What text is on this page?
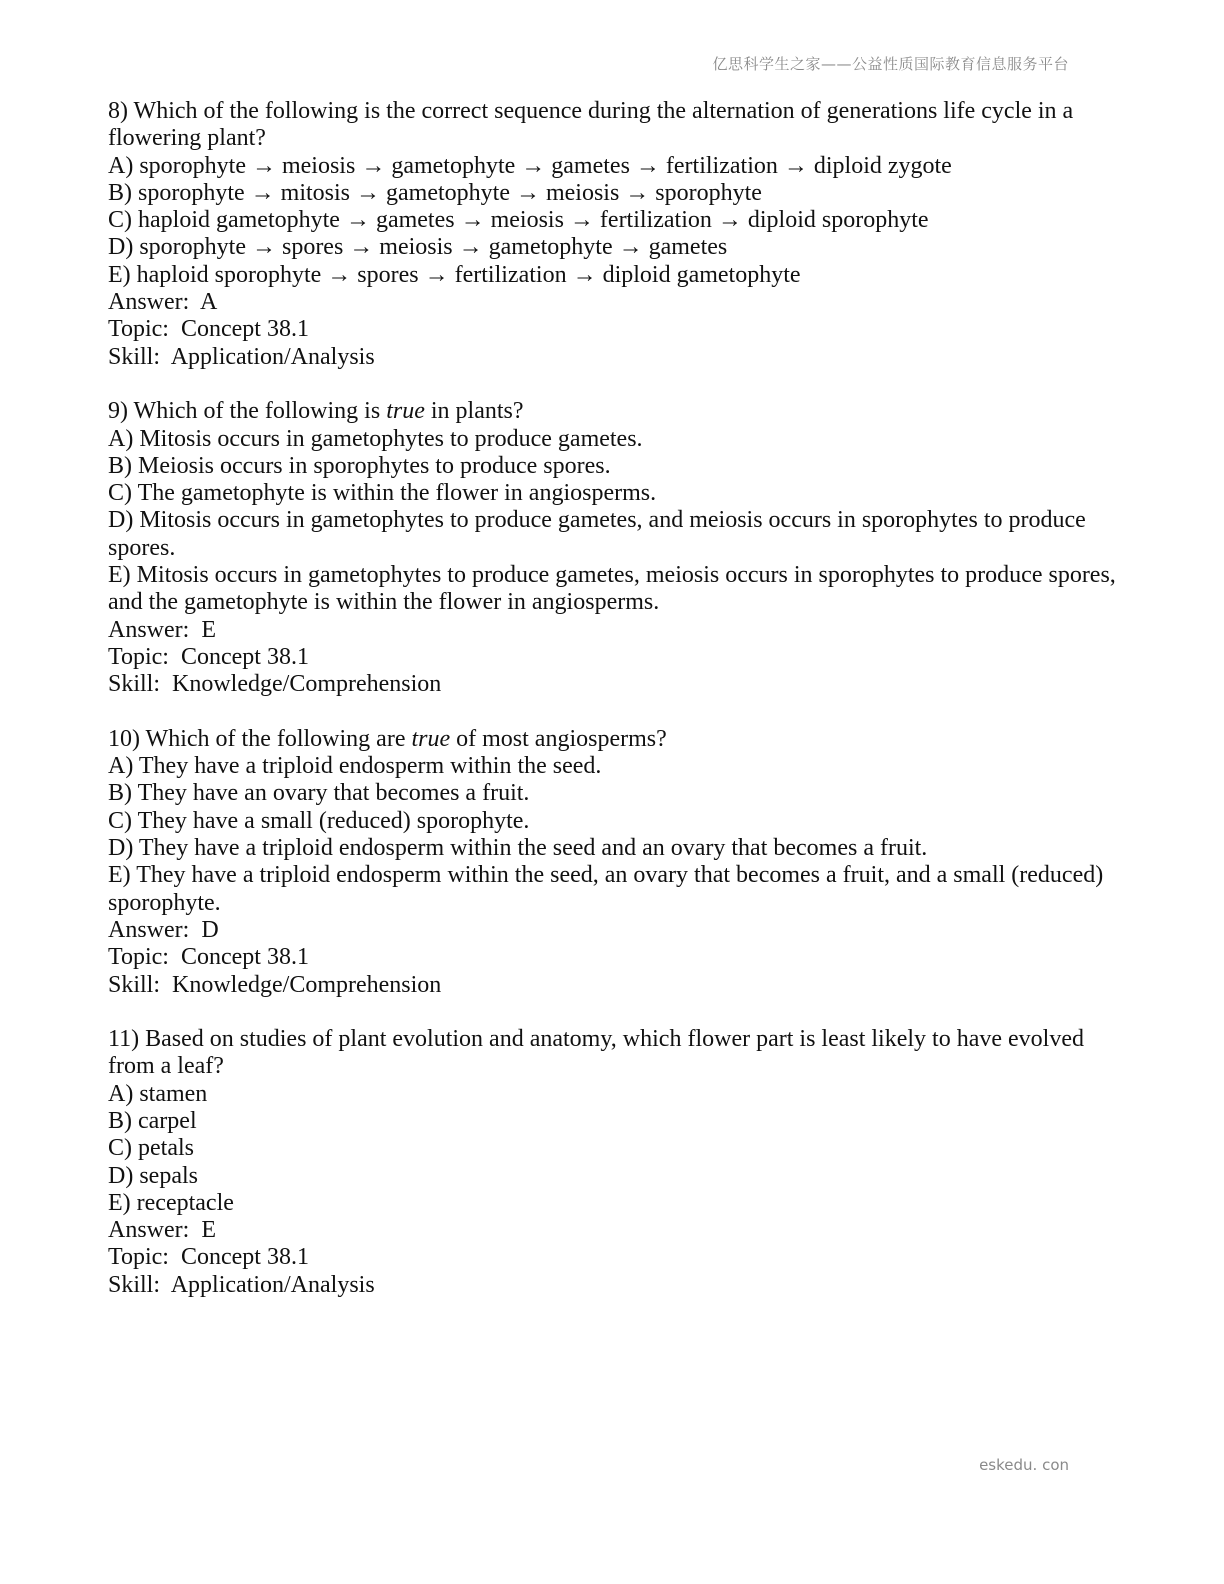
亿思科学生之家——公益性质国际教育信息服务平台
8) Which of the following is the correct sequence during the alternation of generations life cycle in a flowering plant?
A) sporophyte → meiosis → gametophyte → gametes → fertilization → diploid zygote
B) sporophyte → mitosis → gametophyte → meiosis → sporophyte
C) haploid gametophyte → gametes → meiosis → fertilization → diploid sporophyte
D) sporophyte → spores → meiosis → gametophyte → gametes
E) haploid sporophyte → spores → fertilization → diploid gametophyte
Answer:  A
Topic:  Concept 38.1
Skill:  Application/Analysis
9) Which of the following is true in plants?
A) Mitosis occurs in gametophytes to produce gametes.
B) Meiosis occurs in sporophytes to produce spores.
C) The gametophyte is within the flower in angiosperms.
D) Mitosis occurs in gametophytes to produce gametes, and meiosis occurs in sporophytes to produce spores.
E) Mitosis occurs in gametophytes to produce gametes, meiosis occurs in sporophytes to produce spores, and the gametophyte is within the flower in angiosperms.
Answer:  E
Topic:  Concept 38.1
Skill:  Knowledge/Comprehension
10) Which of the following are true of most angiosperms?
A) They have a triploid endosperm within the seed.
B) They have an ovary that becomes a fruit.
C) They have a small (reduced) sporophyte.
D) They have a triploid endosperm within the seed and an ovary that becomes a fruit.
E) They have a triploid endosperm within the seed, an ovary that becomes a fruit, and a small (reduced) sporophyte.
Answer:  D
Topic:  Concept 38.1
Skill:  Knowledge/Comprehension
11) Based on studies of plant evolution and anatomy, which flower part is least likely to have evolved from a leaf?
A) stamen
B) carpel
C) petals
D) sepals
E) receptacle
Answer:  E
Topic:  Concept 38.1
Skill:  Application/Analysis
eskedu. con
